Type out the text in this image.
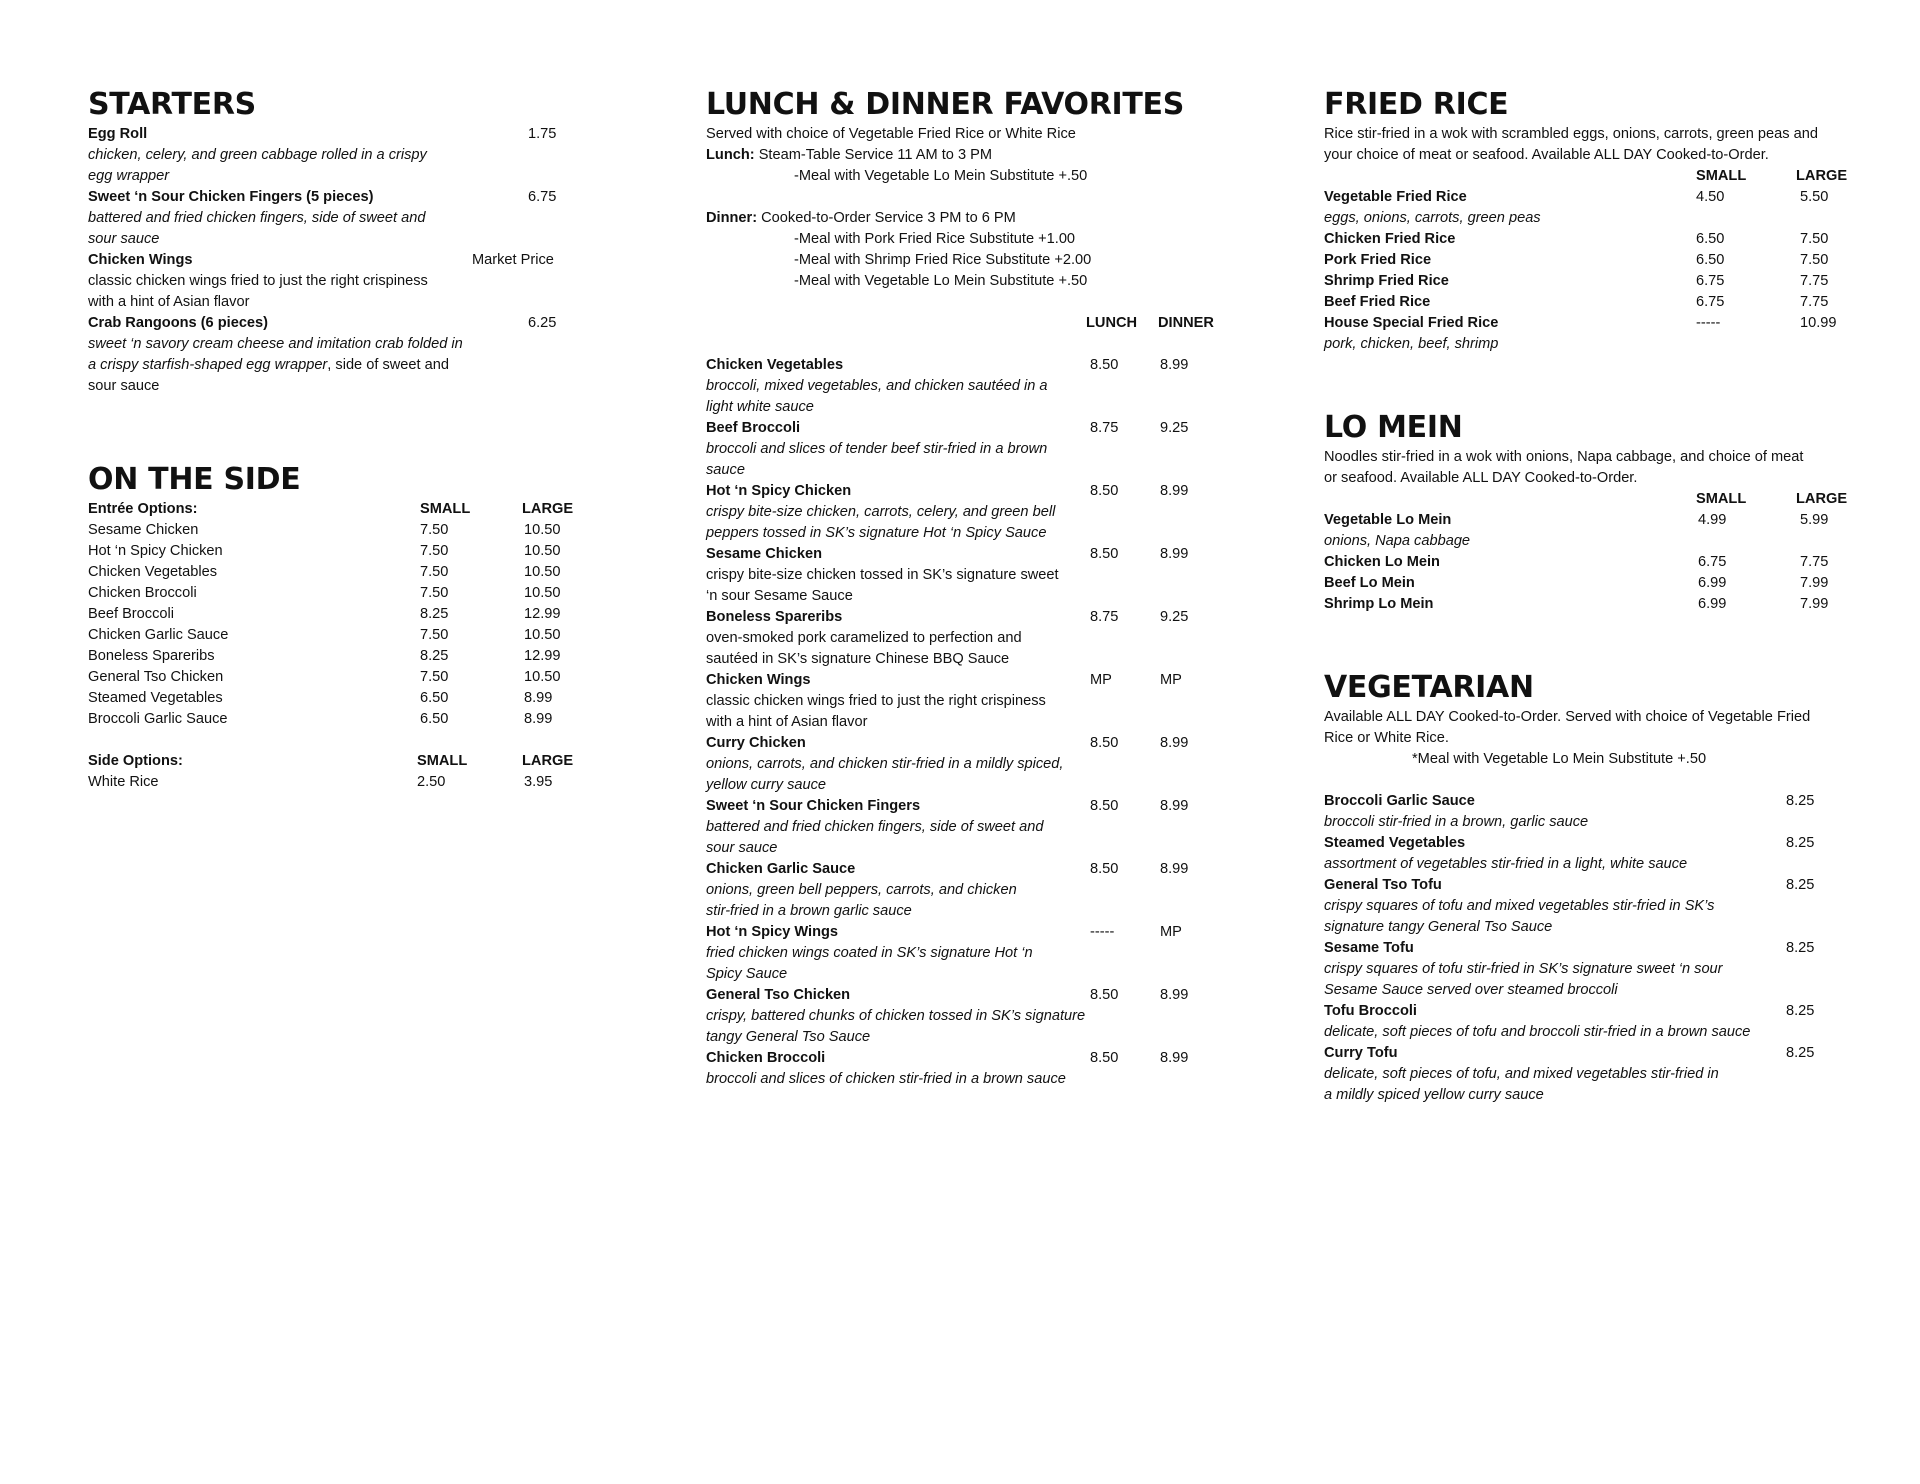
STARTERS
Egg Roll	1.75
chicken, celery, and green cabbage rolled in a crispy
egg wrapper
Sweet ‘n Sour Chicken Fingers (5 pieces)	6.75
battered and fried chicken fingers, side of sweet and
sour sauce
Chicken Wings	Market Price
classic chicken wings fried to just the right crispiness
with a hint of Asian flavor
Crab Rangoons (6 pieces)	6.25
sweet ‘n savory cream cheese and imitation crab folded in
a crispy starfish-shaped egg wrapper, side of sweet and
sour sauce
ON THE SIDE
Entrée Options:	SMALL	LARGE
Sesame Chicken	7.50	10.50
Hot ‘n Spicy Chicken	7.50	10.50
Chicken Vegetables	7.50	10.50
Chicken Broccoli	7.50	10.50
Beef Broccoli	8.25	12.99
Chicken Garlic Sauce	7.50	10.50
Boneless Spareribs	8.25	12.99
General Tso Chicken	7.50	10.50
Steamed Vegetables	6.50	8.99
Broccoli Garlic Sauce	6.50	8.99
Side Options:	SMALL	LARGE
White Rice	2.50	3.95
LUNCH & DINNER FAVORITES
Served with choice of Vegetable Fried Rice or White Rice
Lunch: Steam-Table Service 11 AM to 3 PM
-Meal with Vegetable Lo Mein Substitute +.50
Dinner: Cooked-to-Order Service 3 PM to 6 PM
-Meal with Pork Fried Rice Substitute +1.00
-Meal with Shrimp Fried Rice Substitute +2.00
-Meal with Vegetable Lo Mein Substitute +.50
LUNCH DINNER

Chicken Vegetables	8.50	8.99
broccoli, mixed vegetables, and chicken sautéed in a
light white sauce
Beef Broccoli	8.75	9.25
broccoli and slices of tender beef stir-fried in a brown
sauce
Hot ‘n Spicy Chicken	8.50	8.99
crispy bite-size chicken, carrots, celery, and green bell
peppers tossed in SK’s signature Hot ‘n Spicy Sauce
Sesame Chicken	8.50	8.99
crispy bite-size chicken tossed in SK’s signature sweet
‘n sour Sesame Sauce
Boneless Spareribs	8.75	9.25
oven-smoked pork caramelized to perfection and
sautéed in SK’s signature Chinese BBQ Sauce
Chicken Wings	MP	MP
classic chicken wings fried to just the right crispiness
with a hint of Asian flavor
Curry Chicken	8.50	8.99
onions, carrots, and chicken stir-fried in a mildly spiced,
yellow curry sauce
Sweet ‘n Sour Chicken Fingers	8.50	8.99
battered and fried chicken fingers, side of sweet and
sour sauce
Chicken Garlic Sauce	8.50	8.99
onions, green bell peppers, carrots, and chicken
stir-fried in a brown garlic sauce
Hot ‘n Spicy Wings	-----	MP
fried chicken wings coated in SK’s signature Hot ‘n
Spicy Sauce
General Tso Chicken	8.50	8.99
crispy, battered chunks of chicken tossed in SK’s signature
tangy General Tso Sauce
Chicken Broccoli	8.50	8.99
broccoli and slices of chicken stir-fried in a brown sauce
FRIED RICE
Rice stir-fried in a wok with scrambled eggs, onions, carrots, green peas and
your choice of meat or seafood. Available ALL DAY Cooked-to-Order.
SMALL	LARGE

Vegetable Fried Rice	4.50	5.50
eggs, onions, carrots, green peas
Chicken Fried Rice	6.50	7.50
Pork Fried Rice	6.50	7.50
Shrimp Fried Rice	6.75	7.75
Beef Fried Rice	6.75	7.75
House Special Fried Rice	-----	10.99
pork, chicken, beef, shrimp
LO MEIN
Noodles stir-fried in a wok with onions, Napa cabbage, and choice of meat
or seafood. Available ALL DAY Cooked-to-Order.
SMALL	LARGE

Vegetable Lo Mein	4.99	5.99
onions, Napa cabbage
Chicken Lo Mein	6.75	7.75
Beef Lo Mein	6.99	7.99
Shrimp Lo Mein	6.99	7.99
VEGETARIAN
Available ALL DAY Cooked-to-Order. Served with choice of Vegetable Fried
Rice or White Rice.
*Meal with Vegetable Lo Mein Substitute +.50
Broccoli Garlic Sauce	8.25
broccoli stir-fried in a brown, garlic sauce
Steamed Vegetables	8.25
assortment of vegetables stir-fried in a light, white sauce
General Tso Tofu	8.25
crispy squares of tofu and mixed vegetables stir-fried in SK’s
signature tangy General Tso Sauce
Sesame Tofu	8.25
crispy squares of tofu stir-fried in SK’s signature sweet ‘n sour
Sesame Sauce served over steamed broccoli
Tofu Broccoli	8.25
delicate, soft pieces of tofu and broccoli stir-fried in a brown sauce
Curry Tofu	8.25
delicate, soft pieces of tofu, and mixed vegetables stir-fried in
a mildly spiced yellow curry sauce
